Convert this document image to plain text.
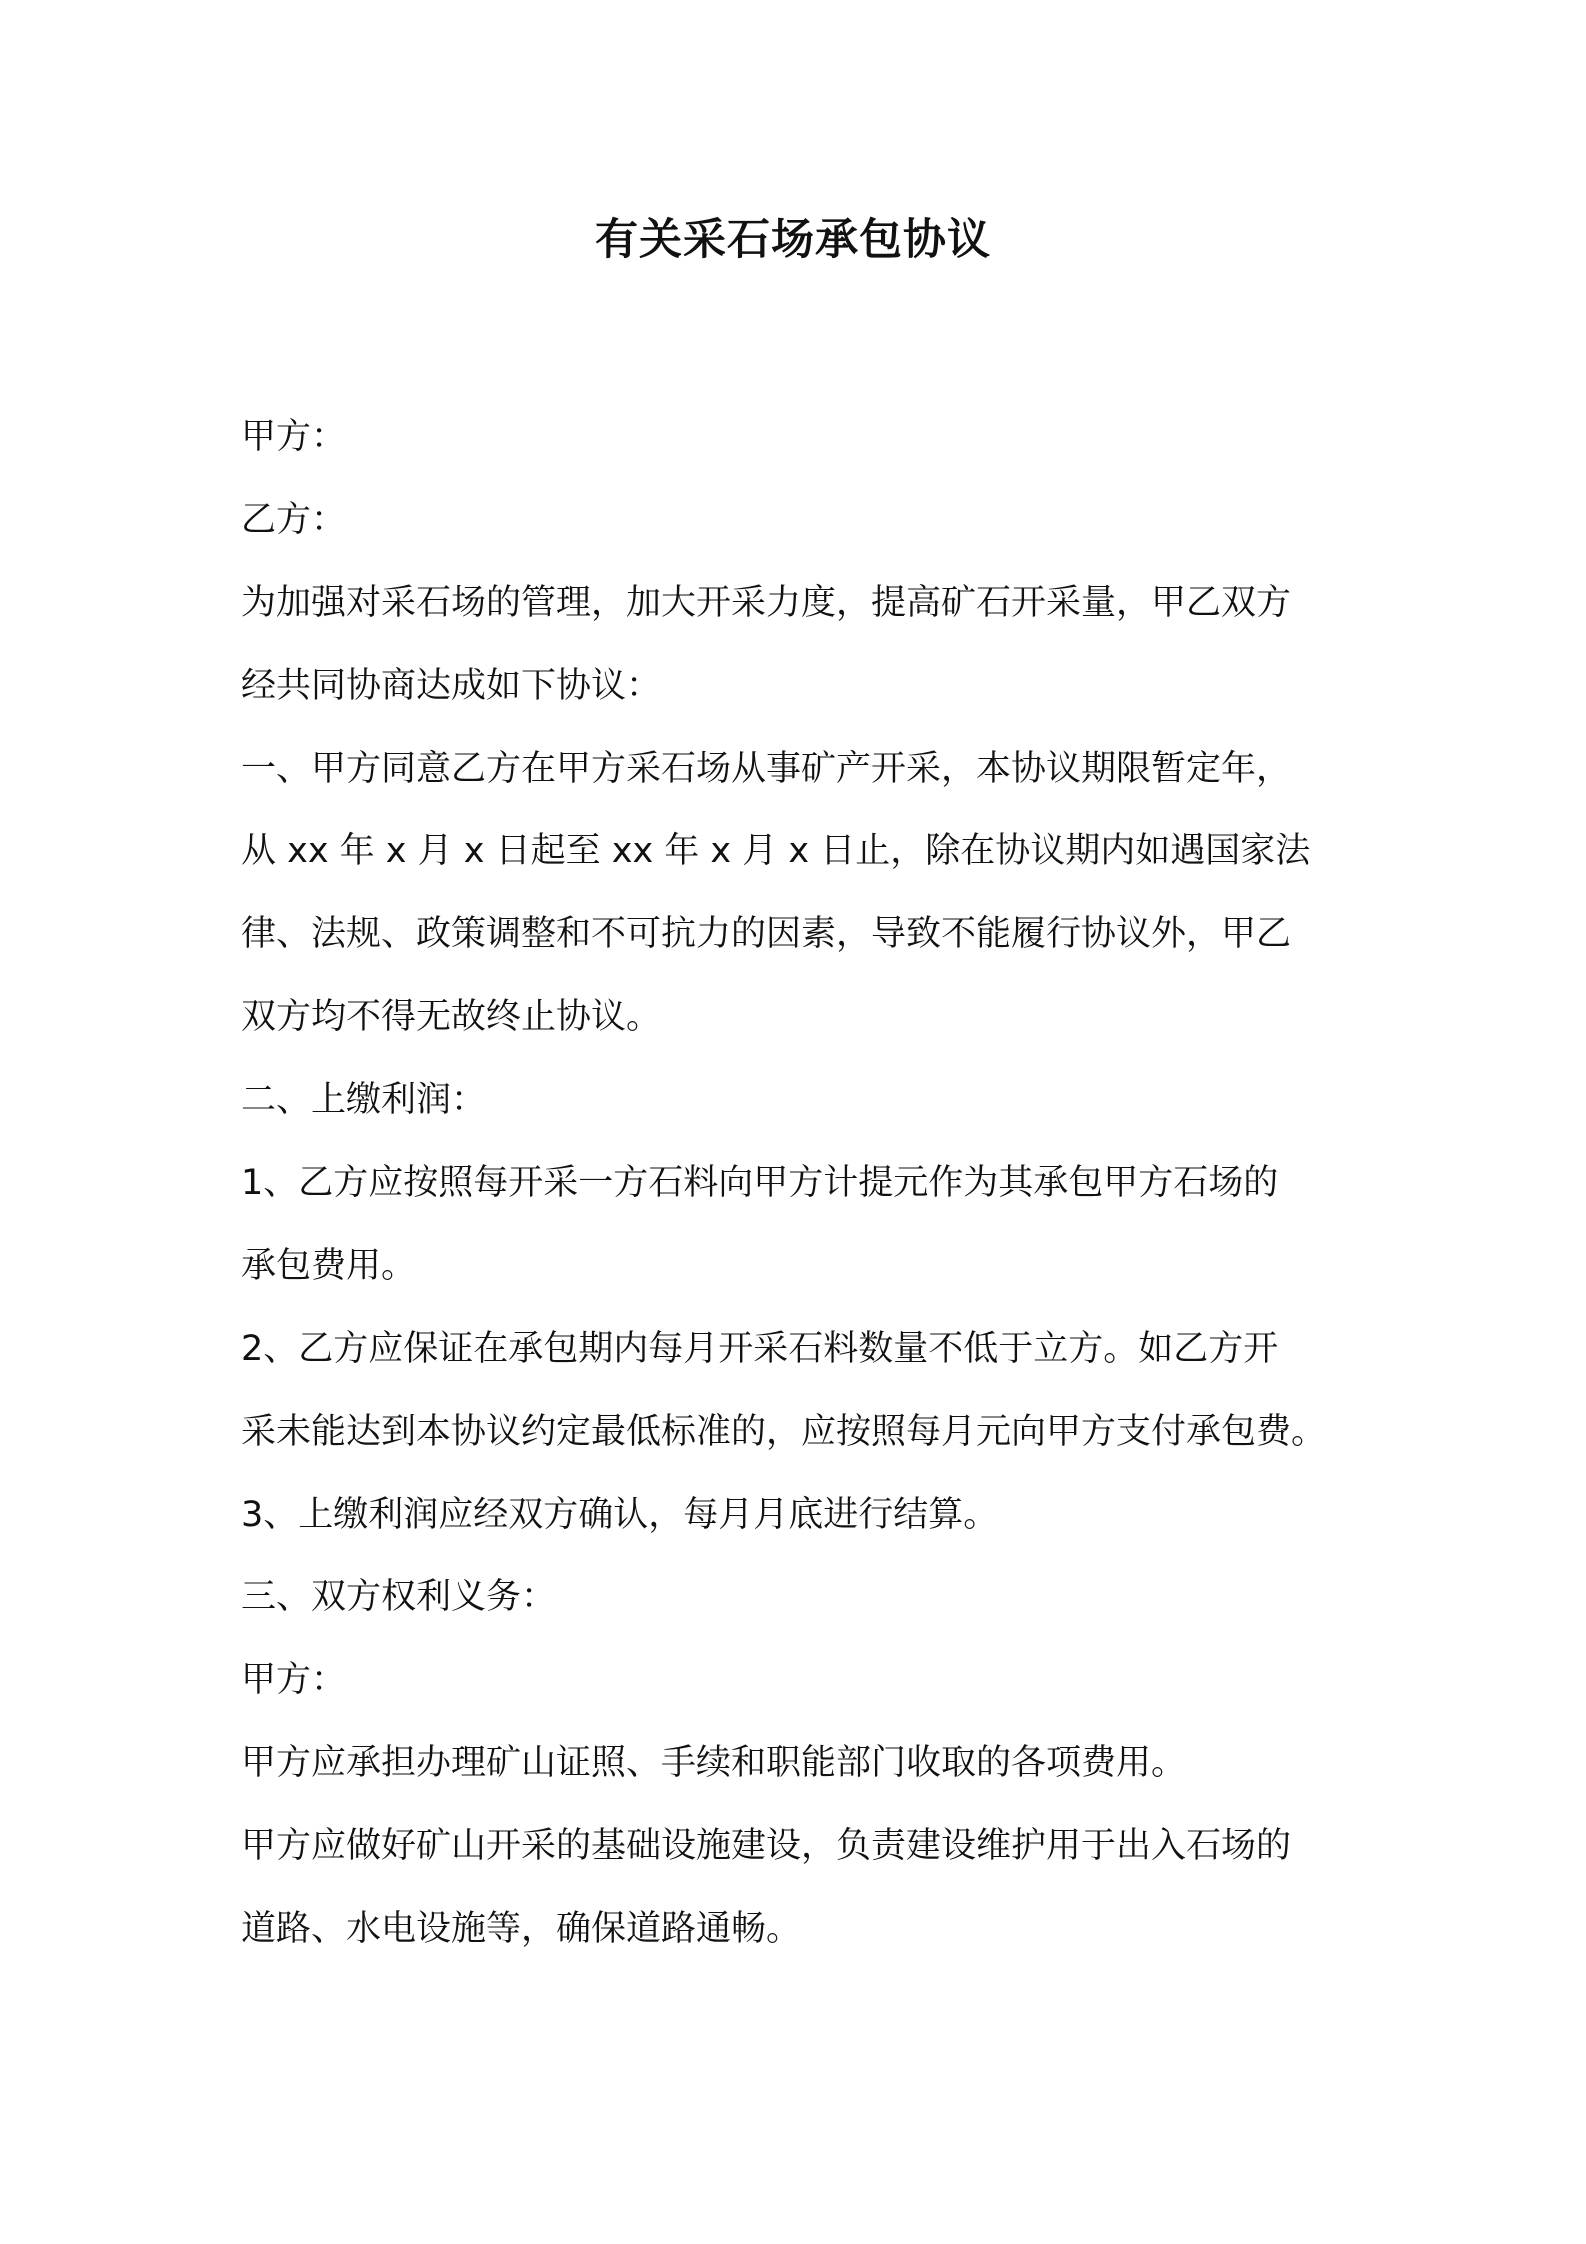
有关采石场承包协议
甲方：
乙方：
为加强对采石场的管理，加大开采力度，提高矿石开采量，甲乙双方
经共同协商达成如下协议：
一、甲方同意乙方在甲方采石场从事矿产开采，本协议期限暂定年，
从 xx 年 x 月 x 日起至 xx 年 x 月 x 日止，除在协议期内如遇国家法
律、法规、政策调整和不可抗力的因素，导致不能履行协议外，甲乙
双方均不得无故终止协议。
二、上缴利润：
1、乙方应按照每开采一方石料向甲方计提元作为其承包甲方石场的
承包费用。
2、乙方应保证在承包期内每月开采石料数量不低于立方。如乙方开
采未能达到本协议约定最低标准的，应按照每月元向甲方支付承包费。
3、上缴利润应经双方确认，每月月底进行结算。
三、双方权利义务：
甲方：
甲方应承担办理矿山证照、手续和职能部门收取的各项费用。
甲方应做好矿山开采的基础设施建设，负责建设维护用于出入石场的
道路、水电设施等，确保道路通畅。
